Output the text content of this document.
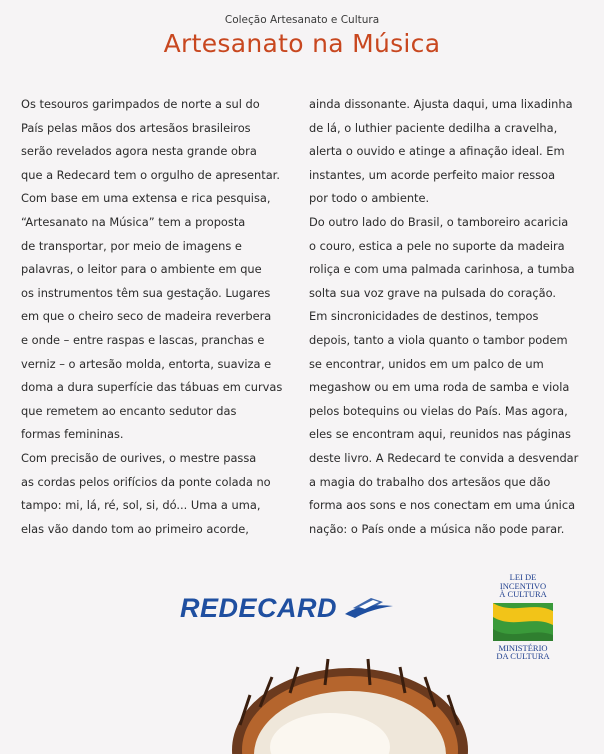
Coleção Artesanato e Cultura
Artesanato na Música
Os tesouros garimpados de norte a sul do
País pelas mãos dos artesãos brasileiros
serão revelados agora nesta grande obra
que a Redecard tem o orgulho de apresentar.
Com base em uma extensa e rica pesquisa,
“Artesanato na Música” tem a proposta
de transportar, por meio de imagens e
palavras, o leitor para o ambiente em que
os instrumentos têm sua gestação. Lugares
em que o cheiro seco de madeira reverbera
e onde – entre raspas e lascas, pranchas e
verniz – o artesão molda, entorta, suaviza e
doma a dura superfície das tábuas em curvas
que remetem ao encanto sedutor das
formas femininas.
Com precisão de ourives, o mestre passa
as cordas pelos orifícios da ponte colada no
tampo: mi, lá, ré, sol, si, dó... Uma a uma,
elas vão dando tom ao primeiro acorde,
ainda dissonante. Ajusta daqui, uma lixadinha
de lá, o luthier paciente dedilha a cravelha,
alerta o ouvido e atinge a afinação ideal. Em
instantes, um acorde perfeito maior ressoa
por todo o ambiente.
Do outro lado do Brasil, o tamboreiro acaricia
o couro, estica a pele no suporte da madeira
roliça e com uma palmada carinhosa, a tumba
solta sua voz grave na pulsada do coração.
Em sincronicidades de destinos, tempos
depois, tanto a viola quanto o tambor podem
se encontrar, unidos em um palco de um
megashow ou em uma roda de samba e viola
pelos botequins ou vielas do País. Mas agora,
eles se encontram aqui, reunidos nas páginas
deste livro. A Redecard te convida a desvendar
a magia do trabalho dos artesãos que dão
forma aos sons e nos conectam em uma única
nação: o País onde a música não pode parar.
REDECARD
LEI DE
INCENTIVO
À CULTURA
MINISTÉRIO
DA CULTURA
